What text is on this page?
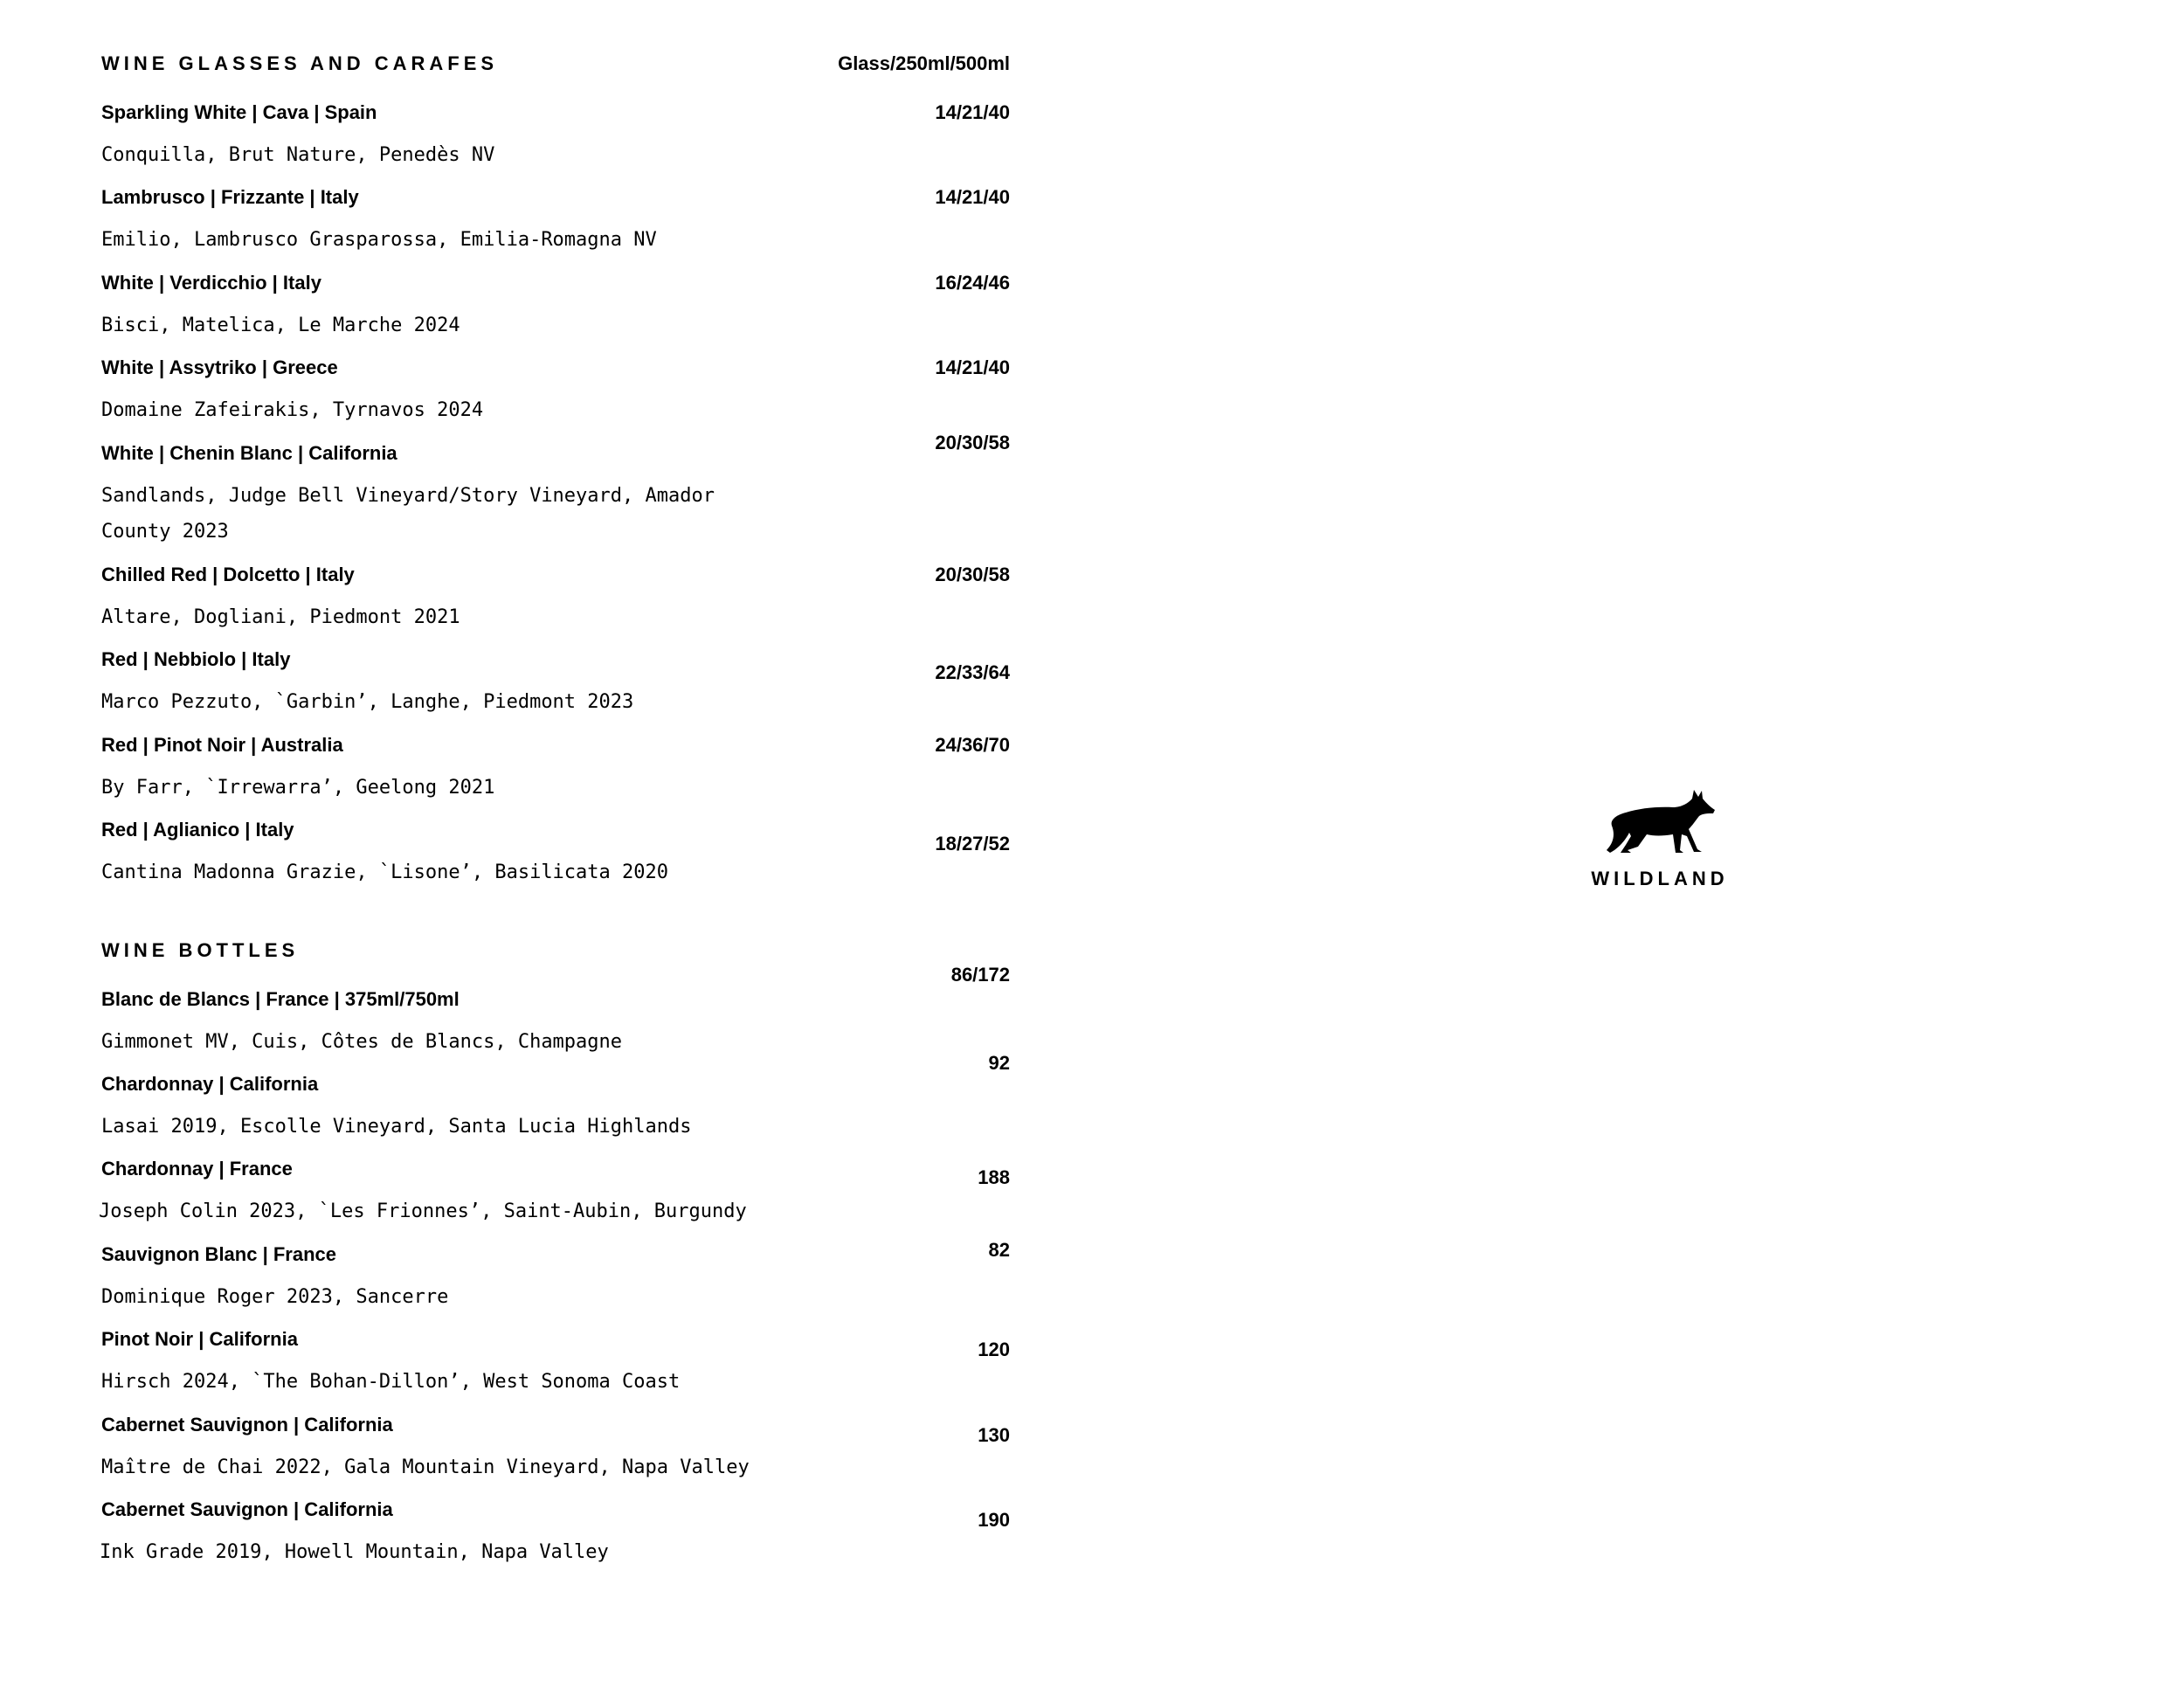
WINE GLASSES AND CARAFES	Glass/250ml/500ml
Sparkling White | Cava | Spain
Conquilla, Brut Nature, Penedès NV
14/21/40
Lambrusco | Frizzante | Italy
Emilio, Lambrusco Grasparossa, Emilia-Romagna NV
14/21/40
White | Verdicchio | Italy
Bisci, Matelica, Le Marche 2024
16/24/46
White | Assytriko | Greece
Domaine Zafeirakis, Tyrnavos 2024
14/21/40
White | Chenin Blanc | California
Sandlands, Judge Bell Vineyard/Story Vineyard, Amador County 2023
20/30/58
Chilled Red | Dolcetto | Italy
Altare, Dogliani, Piedmont 2021
20/30/58
Red | Nebbiolo | Italy
Marco Pezzuto, `Garbin’, Langhe, Piedmont 2023
22/33/64
Red | Pinot Noir | Australia
By Farr, `Irrewarra’, Geelong 2021
24/36/70
Red | Aglianico | Italy
Cantina Madonna Grazie, `Lisone’, Basilicata 2020
18/27/52
WINE BOTTLES
Blanc de Blancs | France | 375ml/750ml
Gimmonet MV, Cuis, Côtes de Blancs, Champagne
86/172
Chardonnay | California
Lasai 2019, Escolle Vineyard, Santa Lucia Highlands
92
Chardonnay | France
Joseph Colin 2023, `Les Frionnes’, Saint-Aubin, Burgundy
188
Sauvignon Blanc | France
Dominique Roger 2023, Sancerre
82
Pinot Noir | California
Hirsch 2024, `The Bohan-Dillon’, West Sonoma Coast
120
Cabernet Sauvignon | California
Maître de Chai 2022, Gala Mountain Vineyard, Napa Valley
130
Cabernet Sauvignon | California
Ink Grade 2019, Howell Mountain, Napa Valley
190
WILDLAND
